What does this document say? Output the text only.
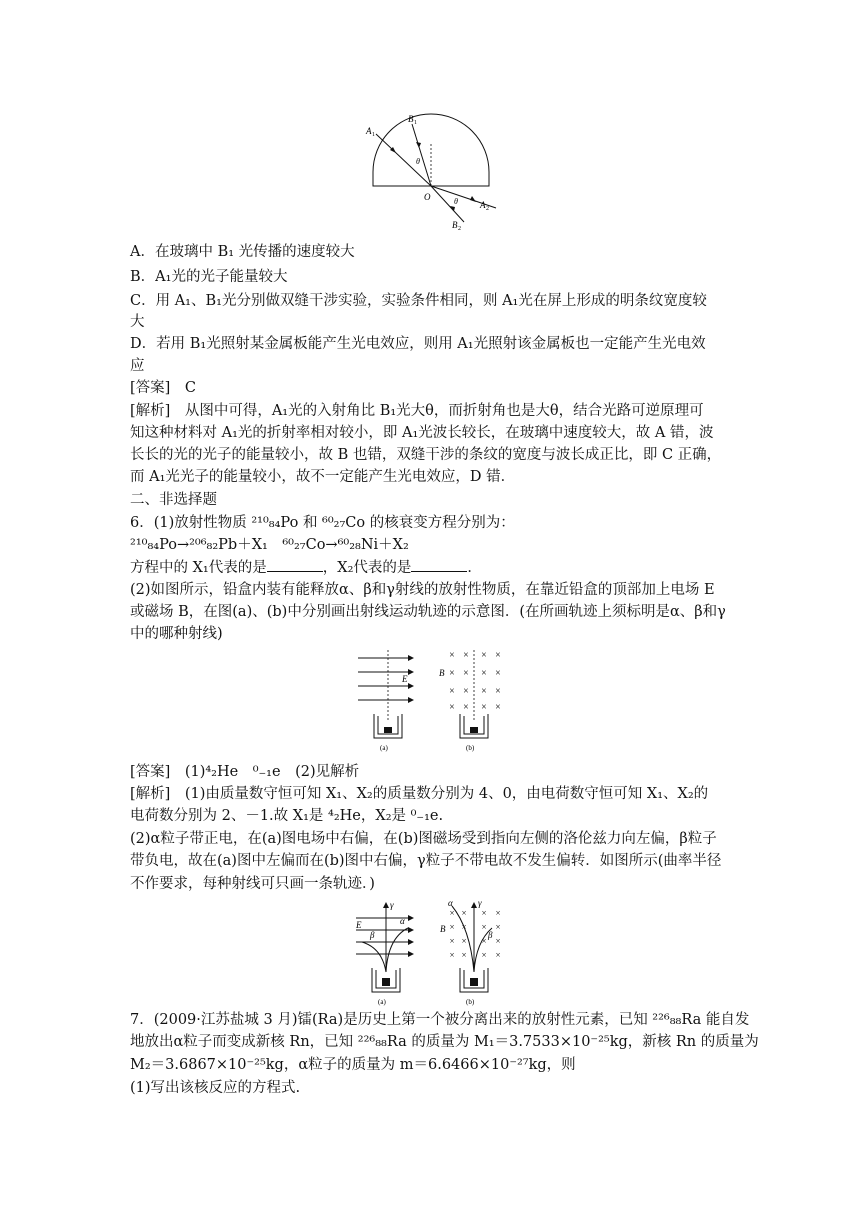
A 1
B 1
θ
O	θ A 2
B 2
A．在玻璃中 B₁ 光传播的速度较大
B．A₁光的光子能量较大
C．用 A₁、B₁光分别做双缝干涉实验，实验条件相同，则 A₁光在屏上形成的明条纹宽度较
大
D．若用 B₁光照射某金属板能产生光电效应，则用 A₁光照射该金属板也一定能产生光电效
应
[答案]　C
[解析]　从图中可得，A₁光的入射角比 B₁光大θ，而折射角也是大θ，结合光路可逆原理可
知这种材料对 A₁光的折射率相对较小，即 A₁光波长较长，在玻璃中速度较大，故 A 错，波
长长的光的光子的能量较小，故 B 也错，双缝干涉的条纹的宽度与波长成正比，即 C 正确，
而 A₁光光子的能量较小，故不一定能产生光电效应，D 错．
二、非选择题
6．(1)放射性物质 ²¹⁰₈₄Po 和 ⁶⁰₂₇Co 的核衰变方程分别为：
²¹⁰₈₄Po→²⁰⁶₈₂Pb＋X₁　⁶⁰₂₇Co→⁶⁰₂₈Ni＋X₂
方程中的 X₁代表的是	，X₂代表的是	．
(2)如图所示，铅盒内装有能释放α、β和γ射线的放射性物质，在靠近铅盒的顶部加上电场 E
或磁场 B，在图(a)、(b)中分别画出射线运动轨迹的示意图．(在所画轨迹上须标明是α、β和γ
中的哪种射线)
E
(a)
× × × ×
× × × ×
× × × ×
× × × ×
B
(b)
[答案]　(1)⁴₂He　⁰₋₁e　(2)见解析
[解析]　(1)由质量数守恒可知 X₁、X₂的质量数分别为 4、0，由电荷数守恒可知 X₁、X₂的
电荷数分别为 2、－1.故 X₁是 ⁴₂He，X₂是 ⁰₋₁e.
(2)α粒子带正电，在(a)图电场中右偏，在(b)图磁场受到指向左侧的洛伦兹力向左偏，β粒子
带负电，故在(a)图中左偏而在(b)图中右偏，γ粒子不带电故不发生偏转．如图所示(曲率半径
不作要求，每种射线可只画一条轨迹．)
γ
α
β
E
(a)
× × × ×
× × × ×
× × × ×
× × × ×
α	γ
β
B
(b)
7．(2009·江苏盐城 3 月)镭(Ra)是历史上第一个被分离出来的放射性元素，已知 ²²⁶₈₈Ra 能自发
地放出α粒子而变成新核 Rn，已知 ²²⁶₈₈Ra 的质量为 M₁＝3.7533×10⁻²⁵kg，新核 Rn 的质量为
M₂＝3.6867×10⁻²⁵kg，α粒子的质量为 m＝6.6466×10⁻²⁷kg，则
(1)写出该核反应的方程式.
